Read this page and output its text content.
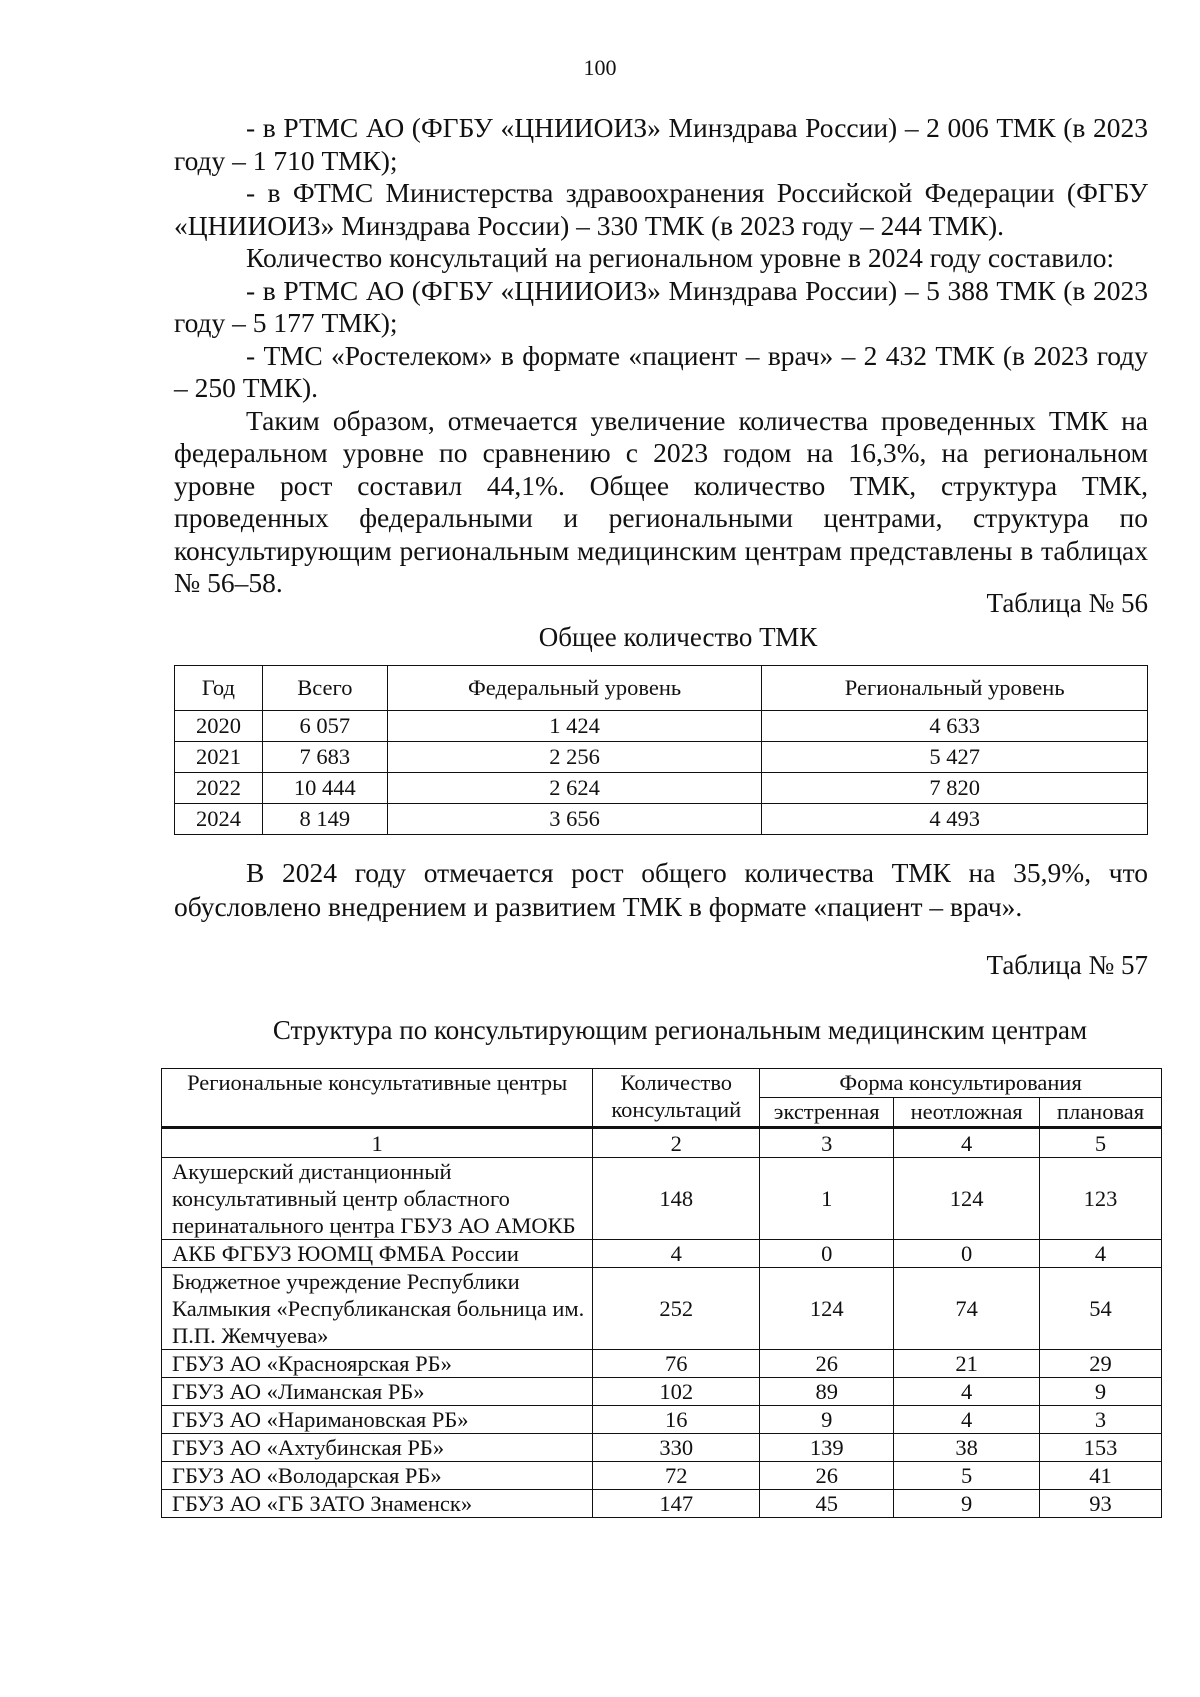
100

- в РТМС АО (ФГБУ «ЦНИИОИЗ» Минздрава России) – 2 006 ТМК (в 2023 году – 1 710 ТМК);

- в ФТМС Министерства здравоохранения Российской Федерации (ФГБУ «ЦНИИОИЗ» Минздрава России) – 330 ТМК (в 2023 году – 244 ТМК).

Количество консультаций на региональном уровне в 2024 году составило:

- в РТМС АО (ФГБУ «ЦНИИОИЗ» Минздрава России) – 5 388 ТМК (в 2023 году – 5 177 ТМК);

- ТМС «Ростелеком» в формате «пациент – врач» – 2 432 ТМК (в 2023 году – 250 ТМК).

Таким образом, отмечается увеличение количества проведенных ТМК на федеральном уровне по сравнению с 2023 годом на 16,3%, на региональном уровне рост составил 44,1%. Общее количество ТМК, структура ТМК, проведенных федеральными и региональными центрами, структура по консультирующим региональным медицинским центрам представлены в таблицах № 56–58.

Таблица № 56
Общее количество ТМК
Год	Всего	Федеральный уровень	Региональный уровень
2020	6 057	1 424	4 633
2021	7 683	2 256	5 427
2022	10 444	2 624	7 820
2024	8 149	3 656	4 493

В 2024 году отмечается рост общего количества ТМК на 35,9%, что обусловлено внедрением и развитием ТМК в формате «пациент – врач».

Таблица № 57
Структура по консультирующим региональным медицинским центрам
Региональные консультативные центры	Количество консультаций	Форма консультирования		
		экстренная	неотложная	плановая
1	2	3	4	5
Акушерский дистанционный консультативный центр областного перинатального центра ГБУЗ АО АМОКБ	148	1	124	123
АКБ ФГБУЗ ЮОМЦ ФМБА России	4	0	0	4
Бюджетное учреждение Республики Калмыкия «Республиканская больница им. П.П. Жемчуева»	252	124	74	54
ГБУЗ АО «Красноярская РБ»	76	26	21	29
ГБУЗ АО «Лиманская РБ»	102	89	4	9
ГБУЗ АО «Наримановская РБ»	16	9	4	3
ГБУЗ АО «Ахтубинская РБ»	330	139	38	153
ГБУЗ АО «Володарская РБ»	72	26	5	41
ГБУЗ АО «ГБ ЗАТО Знаменск»	147	45	9	93
